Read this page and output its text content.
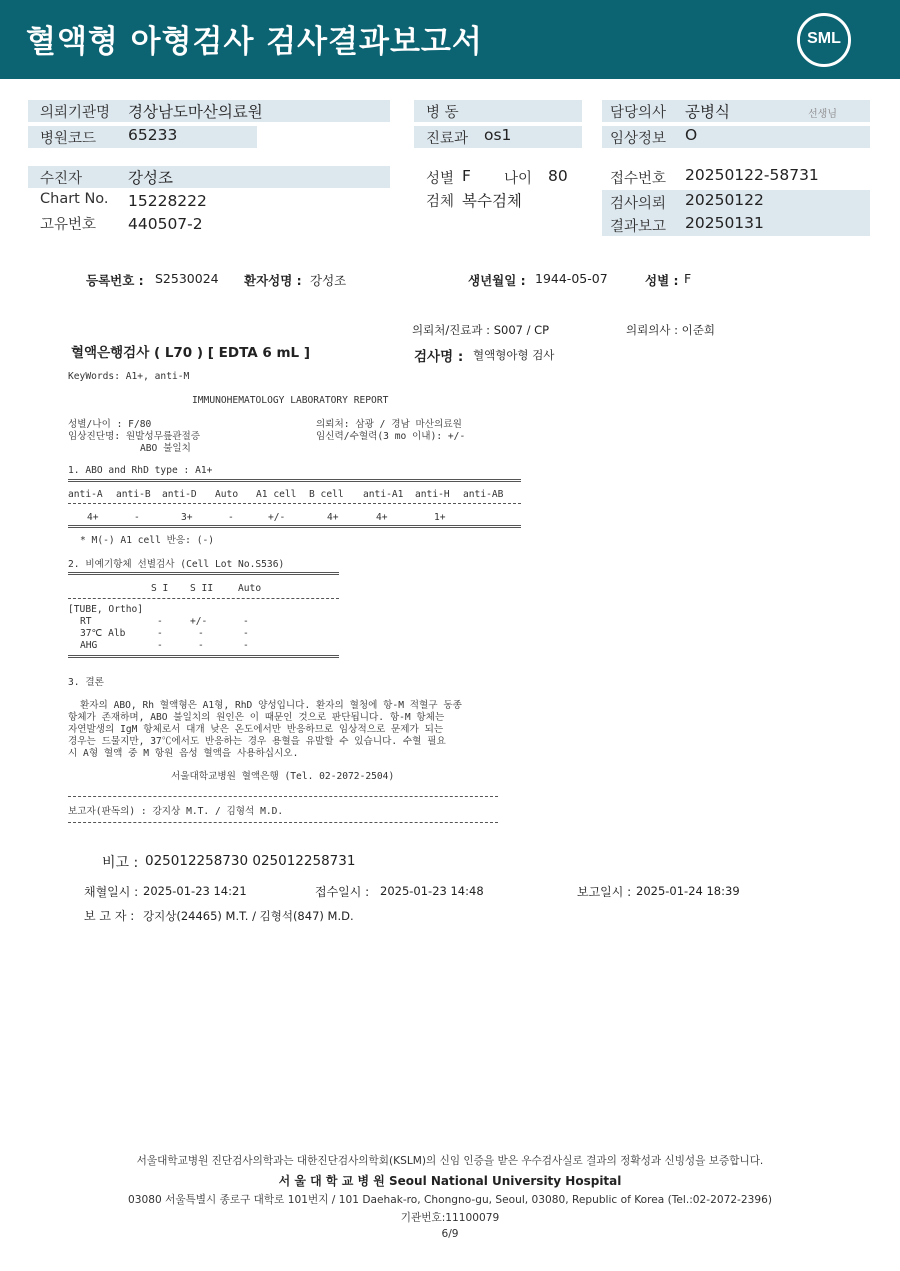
혈액형 아형검사 검사결과보고서	SML
의뢰기관명 경상남도마산의료원
병원코드 65233
병 동
진료과 os1
담당의사 공병식	선생님
임상정보 O
수진자	강성조
Chart No. 15228222
고유번호 440507-2
성별 F 나이 80
검체 복수검체
접수번호 20250122-58731
검사의뢰 20250122
결과보고 20250131
등록번호 : S2530024 환자성명 : 강성조	생년월일 : 1944-05-07	성별 : F
의뢰처/진료과 : S007 / CP	의뢰의사 : 이준희
혈액은행검사 ( L70 ) [ EDTA 6 mL ]	검사명 : 혈액형아형 검사
KeyWords: A1+, anti-M
IMMUNOHEMATOLOGY LABORATORY REPORT
성별/나이 : F/80	의뢰처: 삼광 / 경남 마산의료원
임상진단명: 원발성무릎관절증	임신력/수혈력(3 mo 이내): +/-
ABO 불일치
1. ABO and RhD type : A1+
anti-A anti-B anti-D Auto A1 cell B cell anti-A1 anti-H anti-AB
4+	-	3+	-	+/-	4+	4+	1+
* M(-) A1 cell 반응: (-)
2. 비예기항체 선별검사 (Cell Lot No.S536)
S I S II	Auto
[TUBE, Ortho]
RT	-	+/-	-
37℃ Alb	-	-	-
AHG	-	-	-
3. 결론
환자의 ABO, Rh 혈액형은 A1형, RhD 양성입니다. 환자의 혈청에 항-M 적혈구 동종
항체가 존재하며, ABO 불일치의 원인은 이 때문인 것으로 판단됩니다. 항-M 항체는
자연발생의 IgM 항체로서 대개 낮은 온도에서만 반응하므로 임상적으로 문제가 되는
경우는 드물지만, 37℃에서도 반응하는 경우 용혈을 유발할 수 있습니다. 수혈 필요
시 A형 혈액 중 M 항원 음성 혈액을 사용하십시오.
서울대학교병원 혈액은행 (Tel. 02-2072-2504)
보고자(판독의) : 강지상 M.T. / 김형석 M.D.
비고 : 025012258730 025012258731
채혈일시 : 2025-01-23 14:21	접수일시 : 2025-01-23 14:48	보고일시 : 2025-01-24 18:39
보 고 자 : 강지상(24465) M.T. / 김형석(847) M.D.
서울대학교병원 진단검사의학과는 대한진단검사의학회(KSLM)의 신임 인증을 받은 우수검사실로 결과의 정확성과 신빙성을 보증합니다.
서 울 대 학 교 병 원 Seoul National University Hospital
03080 서울특별시 종로구 대학로 101번지 / 101 Daehak-ro, Chongno-gu, Seoul, 03080, Republic of Korea (Tel.:02-2072-2396)
기관번호:11100079
6/9
